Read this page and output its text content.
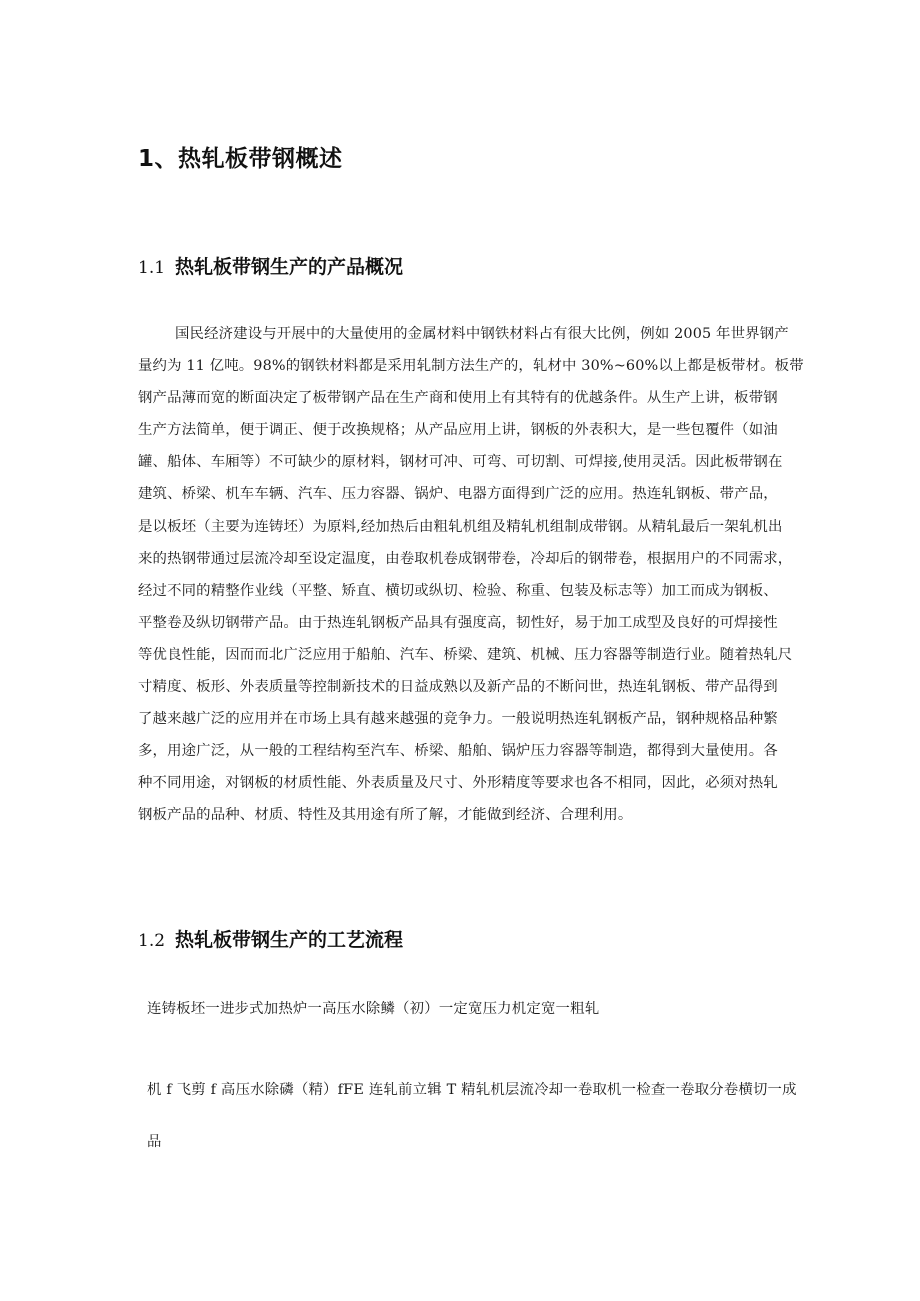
1、热轧板带钢概述
1.1 热轧板带钢生产的产品概况
国民经济建设与开展中的大量使用的金属材料中钢铁材料占有很大比例，例如 2005 年世界钢产
量约为 11 亿吨。98%的钢铁材料都是采用轧制方法生产的，轧材中 30%~60%以上都是板带材。板带
钢产品薄而宽的断面决定了板带钢产品在生产商和使用上有其特有的优越条件。从生产上讲，板带钢
生产方法简单，便于调正、便于改换规格；从产品应用上讲，钢板的外表积大，是一些包覆件（如油
罐、船体、车厢等）不可缺少的原材料，钢材可冲、可弯、可切割、可焊接,使用灵活。因此板带钢在
建筑、桥梁、机车车辆、汽车、压力容器、锅炉、电器方面得到广泛的应用。热连轧钢板、带产品，
是以板坯（主要为连铸坯）为原料,经加热后由粗轧机组及精轧机组制成带钢。从精轧最后一架轧机出
来的热钢带通过层流冷却至设定温度，由卷取机卷成钢带卷，冷却后的钢带卷，根据用户的不同需求，
经过不同的精整作业线（平整、矫直、横切或纵切、检验、称重、包装及标志等）加工而成为钢板、
平整卷及纵切钢带产品。由于热连轧钢板产品具有强度高，韧性好，易于加工成型及良好的可焊接性
等优良性能，因而而北广泛应用于船舶、汽车、桥梁、建筑、机械、压力容器等制造行业。随着热轧尺
寸精度、板形、外表质量等控制新技术的日益成熟以及新产品的不断问世，热连轧钢板、带产品得到
了越来越广泛的应用并在市场上具有越来越强的竞争力。一般说明热连轧钢板产品，钢种规格品种繁
多，用途广泛，从一般的工程结构至汽车、桥梁、船舶、锅炉压力容器等制造，都得到大量使用。各
种不同用途，对钢板的材质性能、外表质量及尺寸、外形精度等要求也各不相同，因此，必须对热轧
钢板产品的品种、材质、特性及其用途有所了解，才能做到经济、合理利用。
1.2 热轧板带钢生产的工艺流程
连铸板坯一进步式加热炉一高压水除鳞（初）一定宽压力机定宽一粗轧
机 f 飞剪 f 高压水除磷（精）fFE 连轧前立辑 T 精轧机层流冷却一卷取机一检查一卷取分卷横切一成
品
